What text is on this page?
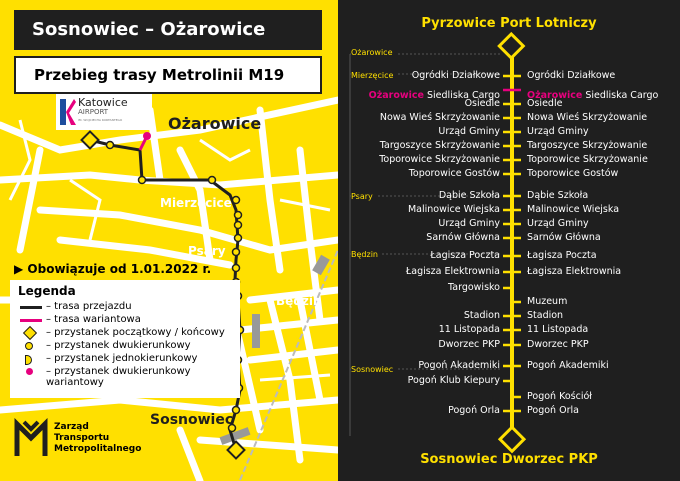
Sosnowiec – Ożarowice
Przebieg trasy Metrolinii M19
Katowice
AIRPORT
IM. WOJCIECHA KORFANTEGO	Ożarowice
Mierzęcice
Psary
Będzin
Sosnowiec
▶ Obowiązuje od 1.01.2022 r.
Legenda
– trasa przejazdu
– trasa wariantowa
– przystanek początkowy / końcowy
– przystanek dwukierunkowy
– przystanek jednokierunkowy
– przystanek dwukierunkowy wariantowy
Zarząd
Transportu
Metropolitalnego
Pyrzowice Port Lotniczy
Sosnowiec Dworzec PKP
Ożarowice
Mierzęcice
Psary
Będzin
Sosnowiec
Ożarowice Siedliska Cargo	Ożarowice Siedliska Cargo
Ogródki Działkowe
Osiedle
Nowa Wieś Skrzyżowanie
Urząd Gminy
Targoszyce Skrzyżowanie
Toporowice Skrzyżowanie
Toporowice Gostów
Dąbie Szkoła
Malinowice Wiejska
Urząd Gminy
Sarnów Główna
Łagisza Poczta
Łagisza Elektrownia
Targowisko
Stadion
11 Listopada
Dworzec PKP
Pogoń Akademiki
Pogoń Klub Kiepury
Pogoń Orla
Ogródki Działkowe
Osiedle
Nowa Wieś Skrzyżowanie
Urząd Gminy
Targoszyce Skrzyżowanie
Toporowice Skrzyżowanie
Toporowice Gostów
Dąbie Szkoła
Malinowice Wiejska
Urząd Gminy
Sarnów Główna
Łagisza Poczta
Łagisza Elektrownia
Muzeum
Stadion
11 Listopada
Dworzec PKP
Pogoń Akademiki
Pogoń Kościół
Pogoń Orla
